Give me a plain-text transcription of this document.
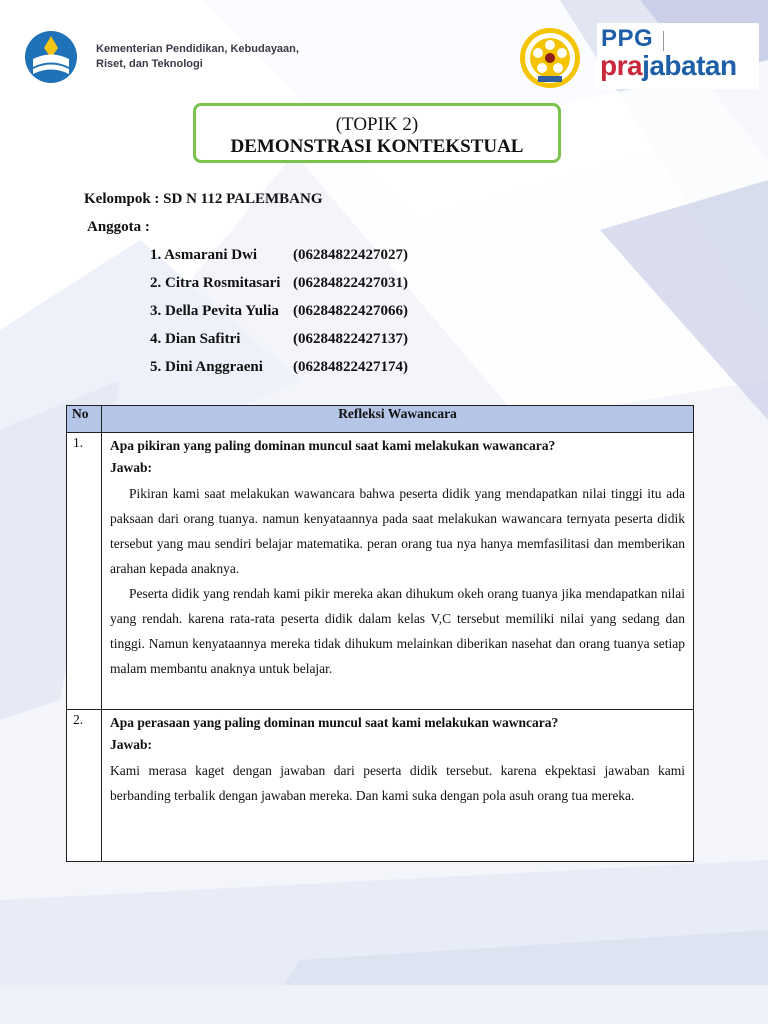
Kementerian Pendidikan, Kebudayaan,
Riset, dan Teknologi
PPG
prajabatan
(TOPIK 2)
DEMONSTRASI KONTEKSTUAL
Kelompok : SD N 112 PALEMBANG
Anggota :
1. Asmarani Dwi (06284822427027)
2. Citra Rosmitasari (06284822427031)
3. Della Pevita Yulia (06284822427066)
4. Dian Safitri	(06284822427137)
5. Dini Anggraeni (06284822427174)
No	Refleksi Wawancara
1.	Apa pikiran yang paling dominan muncul saat kami melakukan wawancara?
Jawab:

Pikiran kami saat melakukan wawancara bahwa peserta didik yang mendapatkan nilai tinggi itu ada paksaan dari orang tuanya. namun kenyataannya pada saat melakukan wawancara ternyata peserta didik tersebut yang mau sendiri belajar matematika. peran orang tua nya hanya memfasilitasi dan memberikan arahan kepada anaknya.

Peserta didik yang rendah kami pikir mereka akan dihukum okeh orang tuanya jika mendapatkan nilai yang rendah. karena rata-rata peserta didik dalam kelas V,C tersebut memiliki nilai yang sedang dan tinggi. Namun kenyataannya mereka tidak dihukum melainkan diberikan nasehat dan orang tuanya setiap malam membantu anaknya untuk belajar.

2.	Apa perasaan yang paling dominan muncul saat kami melakukan wawncara?
Jawab:

Kami merasa kaget dengan jawaban dari peserta didik tersebut. karena ekpektasi jawaban kami berbanding terbalik dengan jawaban mereka. Dan kami suka dengan pola asuh orang tua mereka.
